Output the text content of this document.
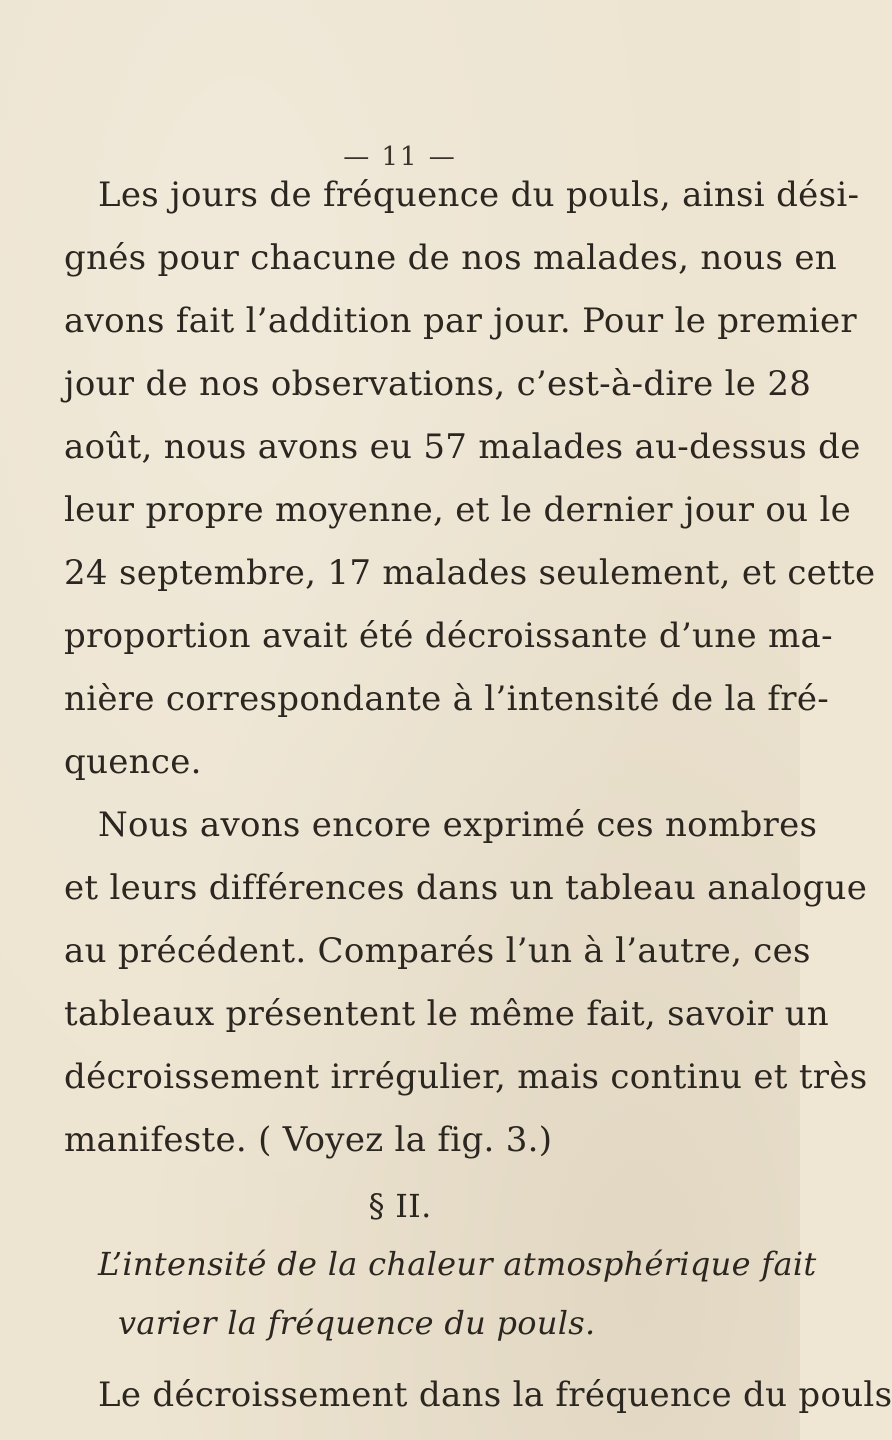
— 11 —
Les jours de fréquence du pouls, ainsi dési-
gnés pour chacune de nos malades, nous en
avons fait l’addition par jour. Pour le premier
jour de nos observations, c’est-à-dire le 28
août, nous avons eu 57 malades au-dessus de
leur propre moyenne, et le dernier jour ou le
24 septembre, 17 malades seulement, et cette
proportion avait été décroissante d’une ma-
nière correspondante à l’intensité de la fré-
quence.
Nous avons encore exprimé ces nombres
et leurs différences dans un tableau analogue
au précédent. Comparés l’un à l’autre, ces
tableaux présentent le même fait, savoir un
décroissement irrégulier, mais continu et très
manifeste. ( Voyez la fig. 3.)
§ II.
L’intensité de la chaleur atmosphérique fait
varier la fréquence du pouls.
Le décroissement dans la fréquence du pouls
